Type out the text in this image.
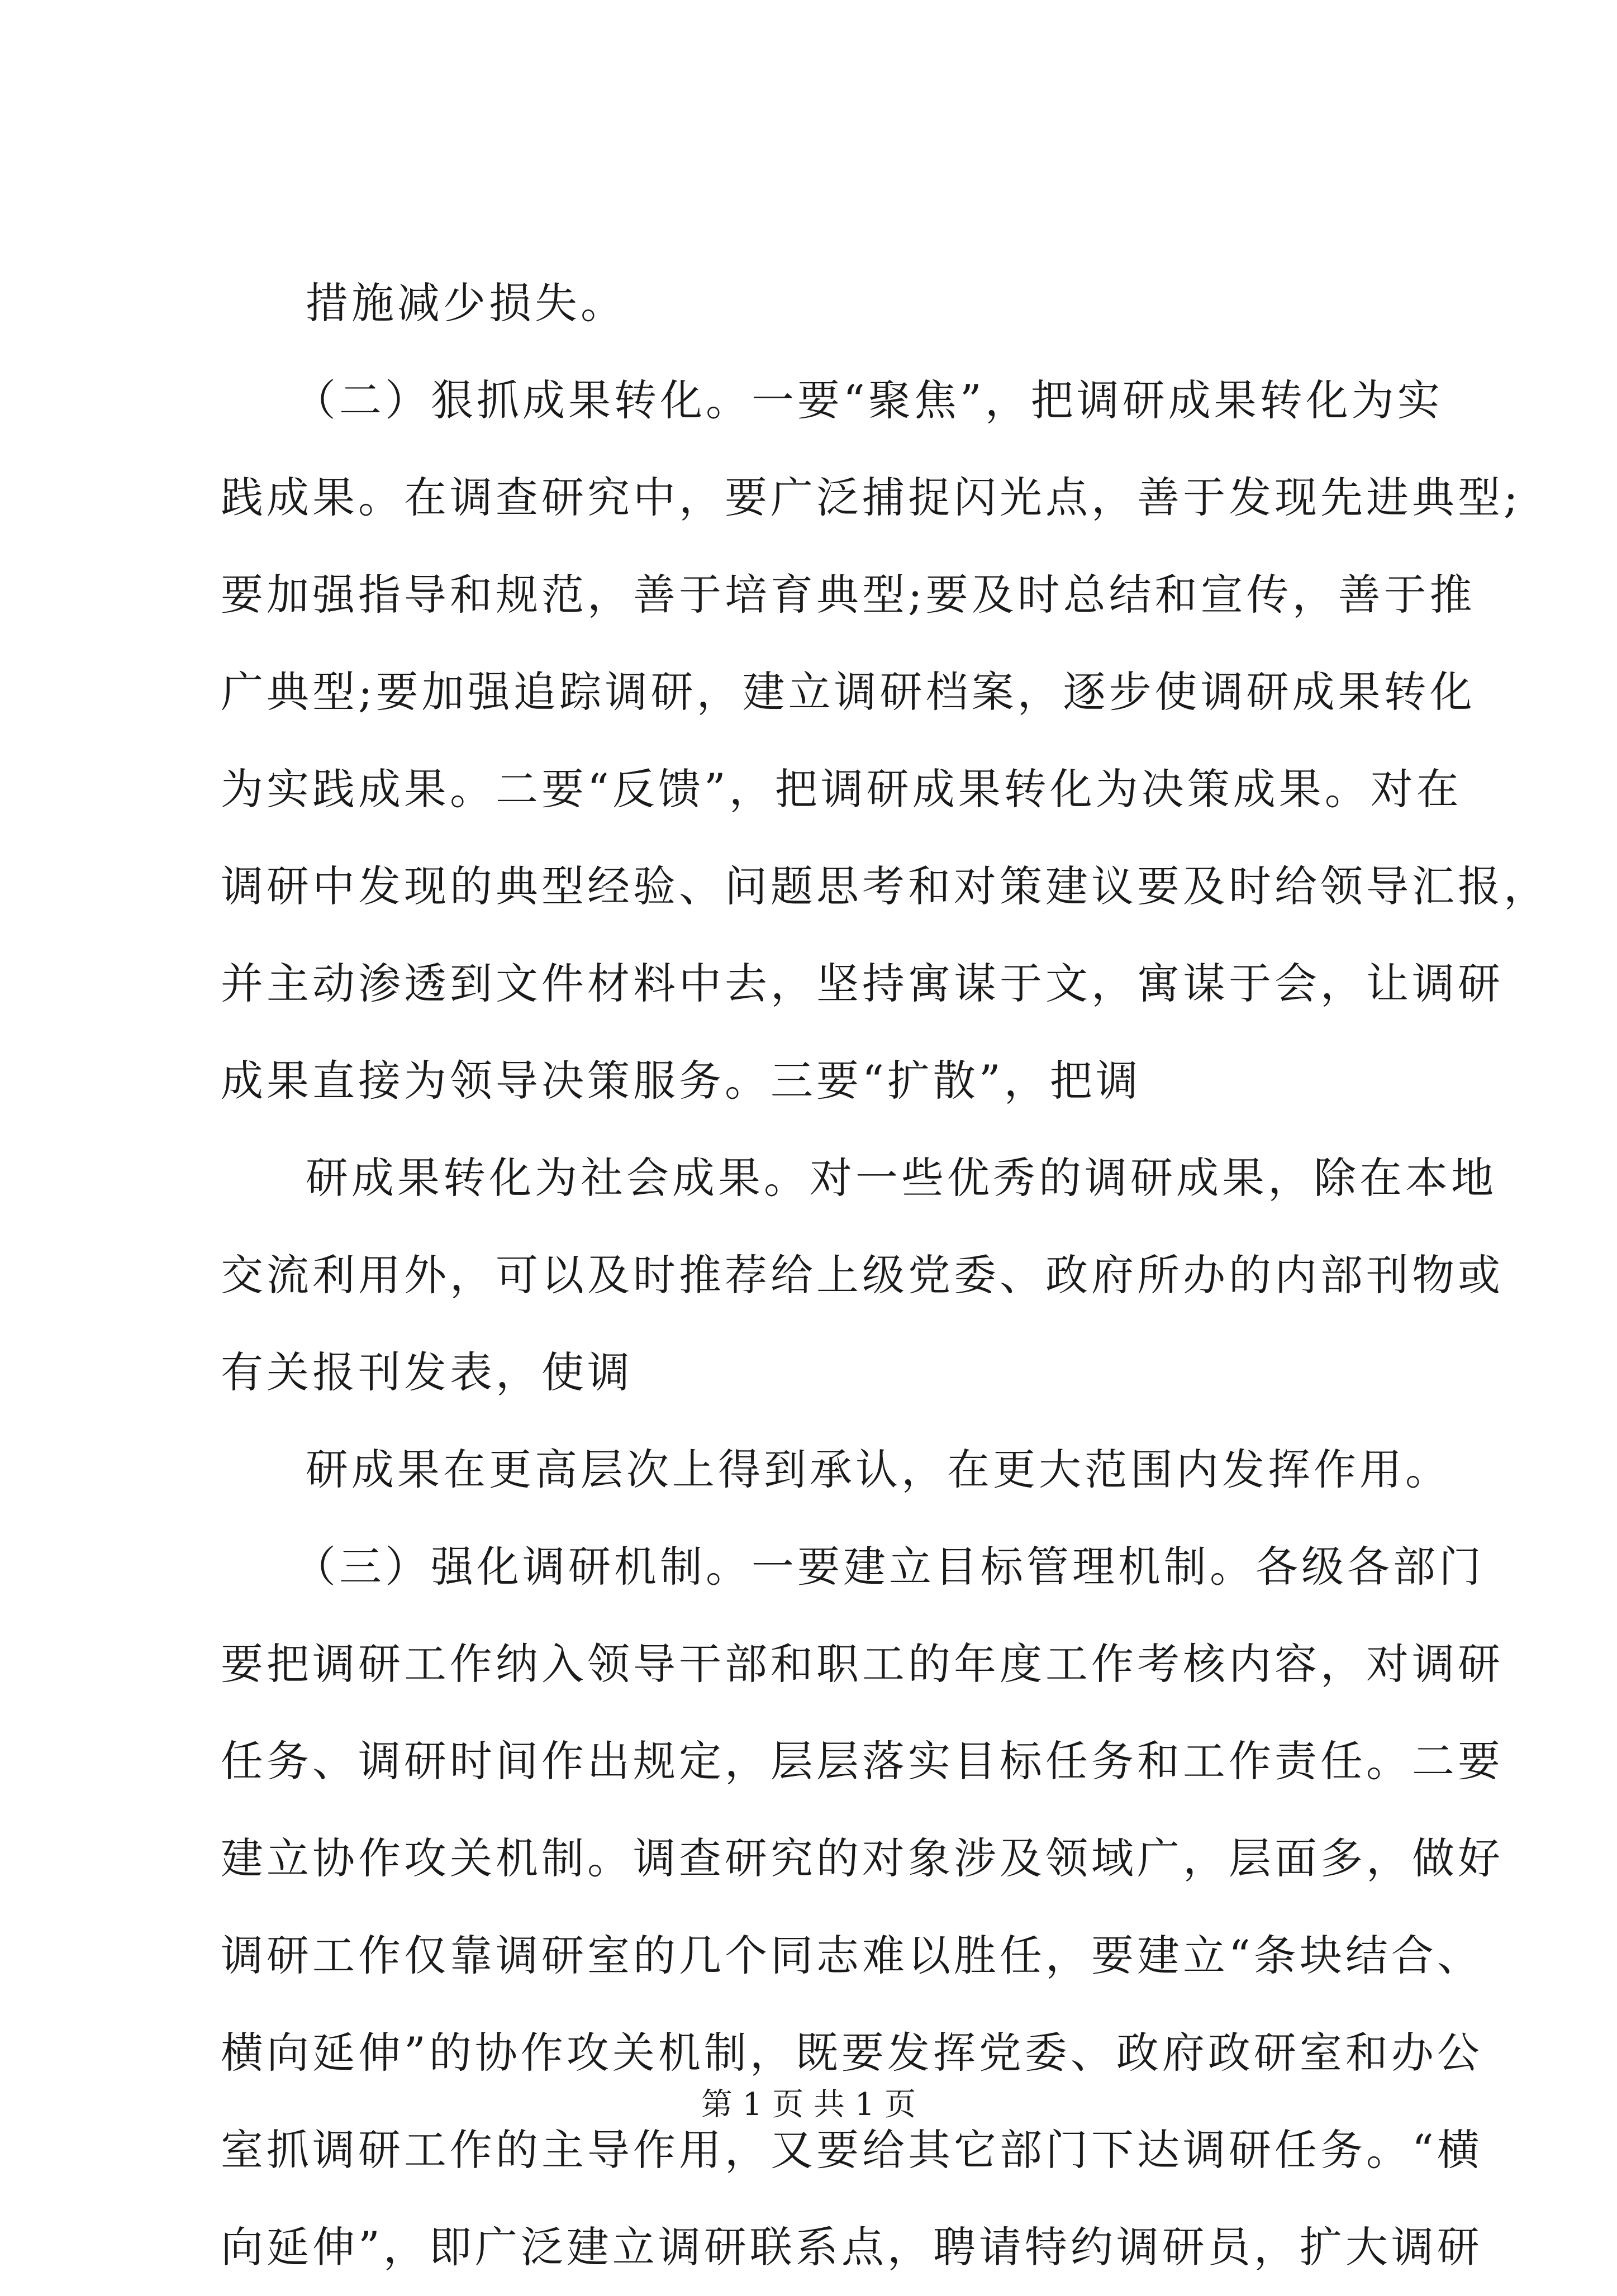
措施减少损失。
（二）狠抓成果转化。一要“聚焦”，把调研成果转化为实
践成果。在调查研究中，要广泛捕捉闪光点，善于发现先进典型;
要加强指导和规范，善于培育典型;要及时总结和宣传，善于推
广典型;要加强追踪调研，建立调研档案，逐步使调研成果转化
为实践成果。二要“反馈”，把调研成果转化为决策成果。对在
调研中发现的典型经验、问题思考和对策建议要及时给领导汇报，
并主动渗透到文件材料中去，坚持寓谋于文，寓谋于会，让调研
成果直接为领导决策服务。三要“扩散”，把调
研成果转化为社会成果。对一些优秀的调研成果，除在本地
交流利用外，可以及时推荐给上级党委、政府所办的内部刊物或
有关报刊发表，使调
研成果在更高层次上得到承认，在更大范围内发挥作用。
（三）强化调研机制。一要建立目标管理机制。各级各部门
要把调研工作纳入领导干部和职工的年度工作考核内容，对调研
任务、调研时间作出规定，层层落实目标任务和工作责任。二要
建立协作攻关机制。调查研究的对象涉及领域广，层面多，做好
调研工作仅靠调研室的几个同志难以胜任，要建立“条块结合、
横向延伸”的协作攻关机制，既要发挥党委、政府政研室和办公
室抓调研工作的主导作用，又要给其它部门下达调研任务。“横
向延伸”，即广泛建立调研联系点，聘请特约调研员，扩大调研
第 1 页 共 1 页
